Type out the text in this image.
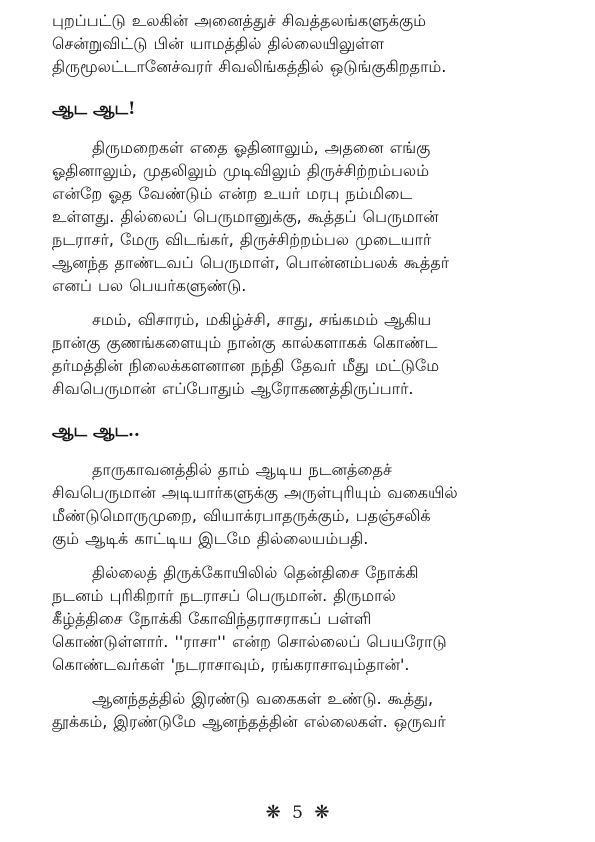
புறப்பட்டு உலகின் அனைத்துச் சிவத்தலங்களுக்கும்
சென்றுவிட்டு பின் யாமத்தில் தில்லையிலுள்ள
திருமூலட்டானேச்வரர் சிவலிங்கத்தில் ஒடுங்குகிறதாம்.

ஆட ஆட!

திருமறைகள் எதை ஓதினாலும், அதனை எங்கு
ஓதினாலும், முதலிலும் முடிவிலும் திருச்சிற்றம்பலம்
என்றே ஓத வேண்டும் என்ற உயர் மரபு நம்மிடை
உள்ளது. தில்லைப் பெருமானுக்கு, கூத்தப் பெருமான்
நடராசர், மேரு விடங்கர், திருச்சிற்றம்பல முடையார்
ஆனந்த தாண்டவப் பெருமாள், பொன்னம்பலக் கூத்தர்
எனப் பல பெயர்களுண்டு.

சமம், விசாரம், மகிழ்ச்சி, சாது, சங்கமம் ஆகிய
நான்கு குணங்களையும் நான்கு கால்களாகக் கொண்ட
தர்மத்தின் நிலைக்களனான நந்தி தேவர் மீது மட்டுமே
சிவபெருமான் எப்போதும் ஆரோகணத்திருப்பார்.

ஆட ஆட..

தாருகாவனத்தில் தாம் ஆடிய நடனத்தைச்
சிவபெருமான் அடியார்களுக்கு அருள்புரியும் வகையில்
மீண்டுமொருமுறை, வியாக்ரபாதருக்கும், பதஞ்சலிக்
கும் ஆடிக் காட்டிய இடமே தில்லையம்பதி.

தில்லைத் திருக்கோயிலில் தென்திசை நோக்கி
நடனம் புரிகிறார் நடராசப் பெருமான். திருமால்
கீழ்த்திசை நோக்கி கோவிந்தராசராகப் பள்ளி
கொண்டுள்ளார். ''ராசா'' என்ற சொல்லைப் பெயரோடு
கொண்டவர்கள் 'நடராசாவும், ரங்கராசாவும்தான்'.

ஆனந்தத்தில் இரண்டு வகைகள் உண்டு. கூத்து,
தூக்கம், இரண்டுமே ஆனந்தத்தின் எல்லைகள். ஒருவர்

❋ 5 ❋
